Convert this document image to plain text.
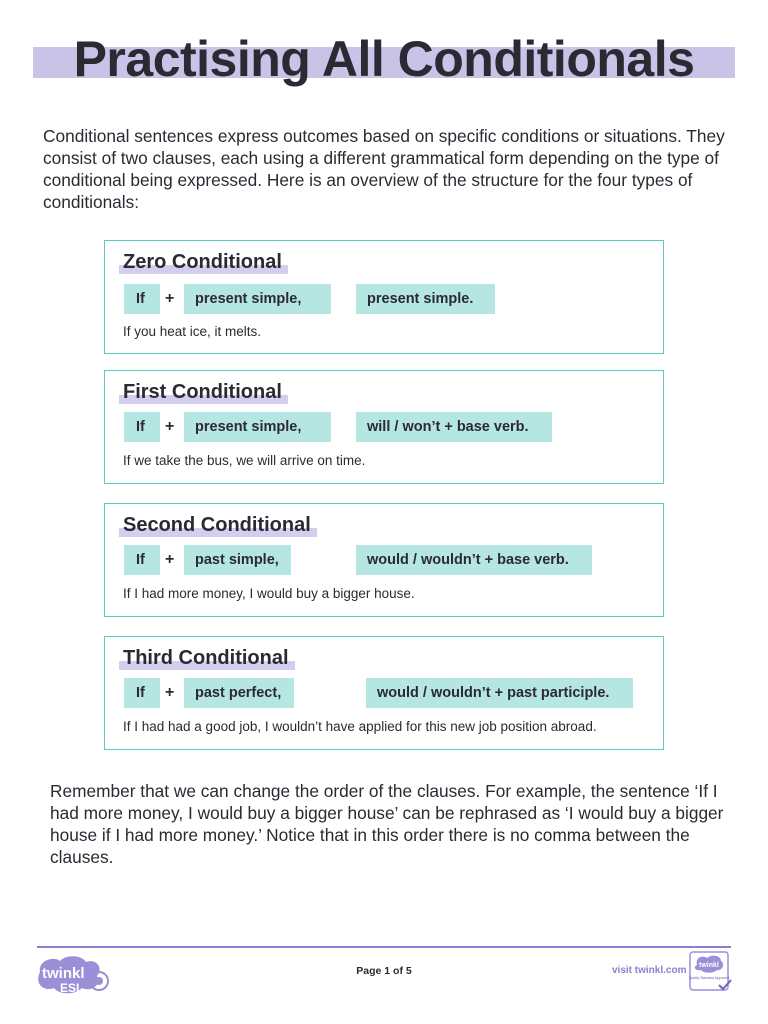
Practising All Conditionals

Conditional sentences express outcomes based on specific conditions or situations. They consist of two clauses, each using a different grammatical form depending on the type of conditional being expressed. Here is an overview of the structure for the four types of conditionals:

Zero Conditional
If	+	present simple,	present simple.
If you heat ice, it melts.
First Conditional
If	+	present simple,	will / won’t + base verb.
If we take the bus, we will arrive on time.
Second Conditional
If	+	past simple,	would / wouldn’t + base verb.
If I had more money, I would buy a bigger house.
Third Conditional
If	+	past perfect,	would / wouldn’t + past participle.
If I had had a good job, I wouldn’t have applied for this new job position abroad.

Remember that we can change the order of the clauses. For example, the sentence ‘If I had more money, I would buy a bigger house’ can be rephrased as ‘I would buy a bigger house if I had more money.’ Notice that in this order there is no comma between the clauses.

twinkl
ESL
Page 1 of 5	visit twinkl.com twinkl
Quality Standard Approved
